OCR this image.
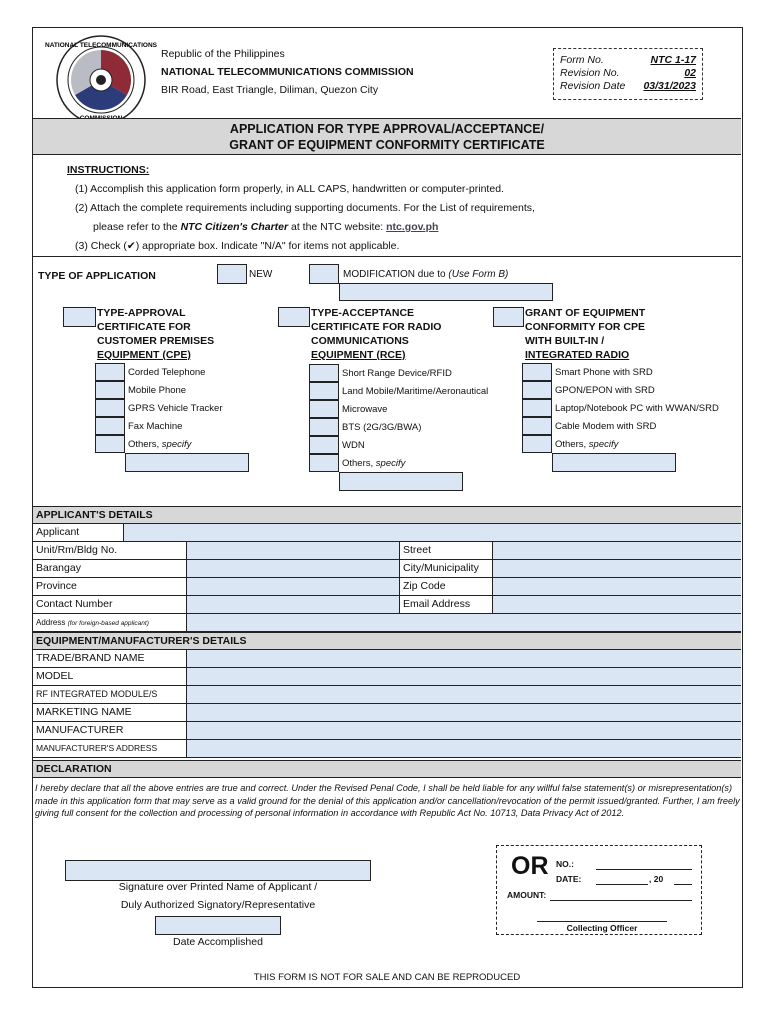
NATIONAL TELECOMMUNICATIONS
Republic of the Philippines
NATIONAL TELECOMMUNICATIONS COMMISSION
BIR Road, East Triangle, Diliman, Quezon City
Form No.	NTC 1-17
Revision No.	02
Revision Date 03/31/2023
APPLICATION FOR TYPE APPROVAL/ACCEPTANCE/
GRANT OF EQUIPMENT CONFORMITY CERTIFICATE
INSTRUCTIONS:
(1) Accomplish this application form properly, in ALL CAPS, handwritten or computer-printed.
(2) Attach the complete requirements including supporting documents. For the List of requirements,
please refer to the NTC Citizen's Charter at the NTC website: ntc.gov.ph
(3) Check (✔) appropriate box. Indicate "N/A" for items not applicable.
TYPE OF APPLICATION	NEW	MODIFICATION due to (Use Form B)
TYPE-APPROVAL
CERTIFICATE FOR
CUSTOMER PREMISES
EQUIPMENT (CPE)
Corded Telephone
Mobile Phone
GPRS Vehicle Tracker
Fax Machine
Others, specify
TYPE-ACCEPTANCE
CERTIFICATE FOR RADIO
COMMUNICATIONS
EQUIPMENT (RCE)
Short Range Device/RFID
Land Mobile/Maritime/Aeronautical
Microwave
BTS (2G/3G/BWA)
WDN
Others, specify
GRANT OF EQUIPMENT
CONFORMITY FOR CPE
WITH BUILT-IN /
INTEGRATED RADIO
Smart Phone with SRD
GPON/EPON with SRD
Laptop/Notebook PC with WWAN/SRD
Cable Modem with SRD
Others, specify
APPLICANT'S DETAILS
Applicant
Unit/Rm/Bldg No.	Street
Barangay	City/Municipality
Province	Zip Code
Contact Number	Email Address
Address (for foreign-based applicant)
EQUIPMENT/MANUFACTURER'S DETAILS
TRADE/BRAND NAME
MODEL
RF INTEGRATED MODULE/S
MARKETING NAME
MANUFACTURER
MANUFACTURER'S ADDRESS
DECLARATION
I hereby declare that all the above entries are true and correct. Under the Revised Penal Code, I shall be held liable for any willful false statement(s) or misrepresentation(s) made in this application form that may serve as a valid ground for the denial of this application and/or cancellation/revocation of the permit issued/granted. Further, I am freely giving full consent for the collection and processing of personal information in accordance with Republic Act No. 10713, Data Privacy Act of 2012.
Signature over Printed Name of Applicant /
Duly Authorized Signatory/Representative
Date Accomplished
OR NO.:
DATE:	, 20
AMOUNT:
Collecting Officer
THIS FORM IS NOT FOR SALE AND CAN BE REPRODUCED
